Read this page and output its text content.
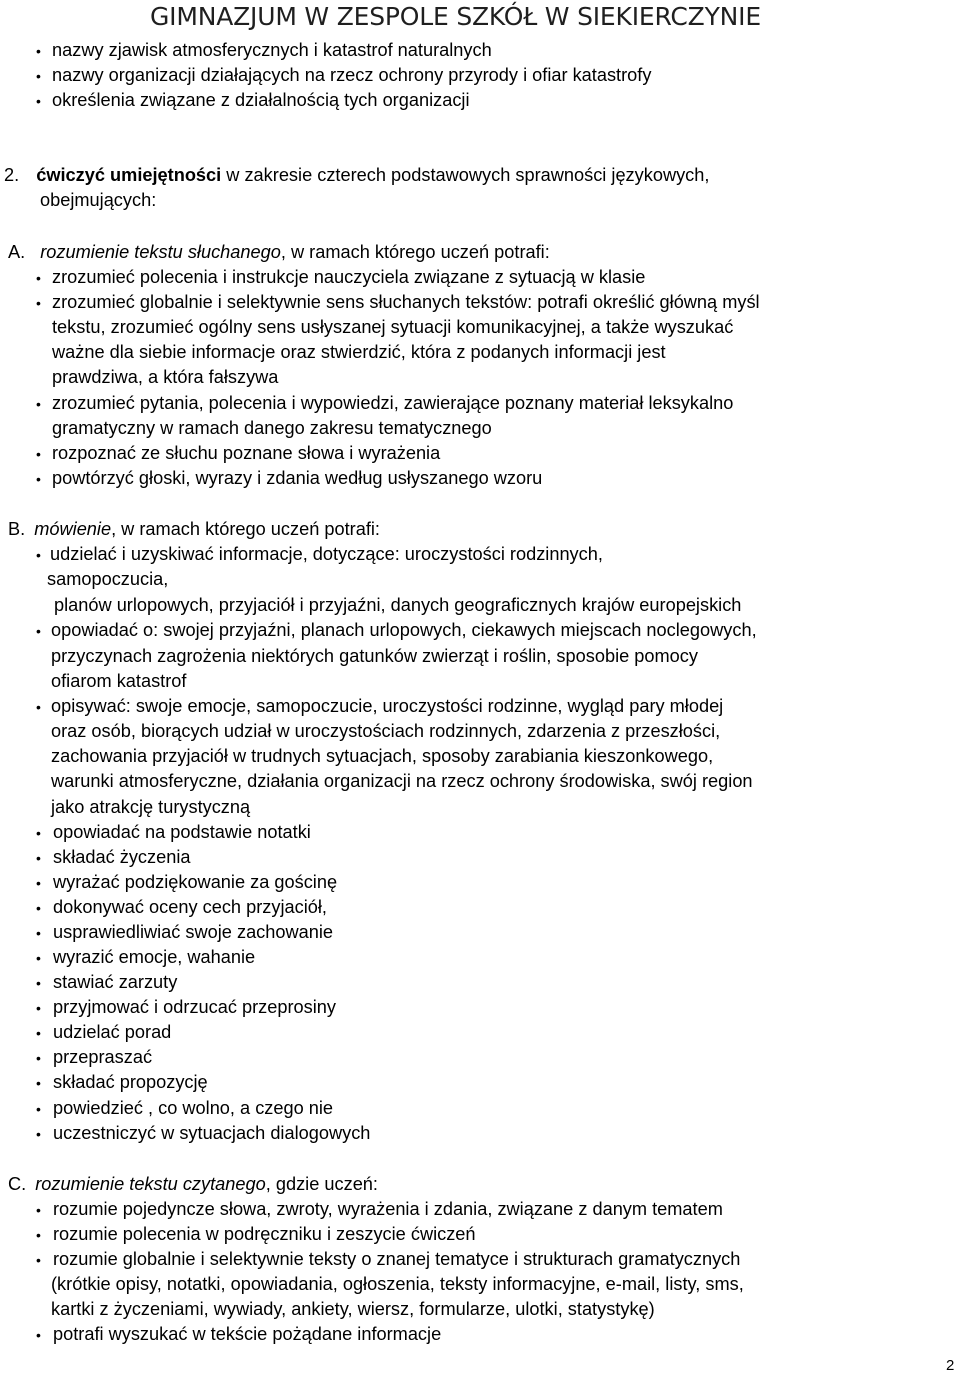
GIMNAZJUM W ZESPOLE SZKÓŁ W SIEKIERCZYNIE
• nazwy zjawisk atmosferycznych i katastrof naturalnych
• nazwy organizacji działających na rzecz ochrony przyrody i ofiar katastrofy
• określenia związane z działalnością tych organizacji
2. ćwiczyć umiejętności w zakresie czterech podstawowych sprawności językowych,
obejmujących:
A. rozumienie tekstu słuchanego, w ramach którego uczeń potrafi:
• zrozumieć polecenia i instrukcje nauczyciela związane z sytuacją w klasie
• zrozumieć globalnie i selektywnie sens słuchanych tekstów: potrafi określić główną myśl
tekstu, zrozumieć ogólny sens usłyszanej sytuacji komunikacyjnej, a także wyszukać
ważne dla siebie informacje oraz stwierdzić, która z podanych informacji jest
prawdziwa, a która fałszywa
• zrozumieć pytania, polecenia i wypowiedzi, zawierające poznany materiał leksykalno
gramatyczny w ramach danego zakresu tematycznego
• rozpoznać ze słuchu poznane słowa i wyrażenia
• powtórzyć głoski, wyrazy i zdania według usłyszanego wzoru
B. mówienie, w ramach którego uczeń potrafi:
• udzielać i uzyskiwać informacje, dotyczące: uroczystości rodzinnych,
samopoczucia,
planów urlopowych, przyjaciół i przyjaźni, danych geograficznych krajów europejskich
• opowiadać o: swojej przyjaźni, planach urlopowych, ciekawych miejscach noclegowych,
przyczynach zagrożenia niektórych gatunków zwierząt i roślin, sposobie pomocy
ofiarom katastrof
• opisywać: swoje emocje, samopoczucie, uroczystości rodzinne, wygląd pary młodej
oraz osób, biorących udział w uroczystościach rodzinnych, zdarzenia z przeszłości,
zachowania przyjaciół w trudnych sytuacjach, sposoby zarabiania kieszonkowego,
warunki atmosferyczne, działania organizacji na rzecz ochrony środowiska, swój region
jako atrakcję turystyczną
• opowiadać na podstawie notatki
• składać życzenia
• wyrażać podziękowanie za gościnę
• dokonywać oceny cech przyjaciół,
• usprawiedliwiać swoje zachowanie
• wyrazić emocje, wahanie
• stawiać zarzuty
• przyjmować i odrzucać przeprosiny
• udzielać porad
• przepraszać
• składać propozycję
• powiedzieć , co wolno, a czego nie
• uczestniczyć w sytuacjach dialogowych
C. rozumienie tekstu czytanego, gdzie uczeń:
• rozumie pojedyncze słowa, zwroty, wyrażenia i zdania, związane z danym tematem
• rozumie polecenia w podręczniku i zeszycie ćwiczeń
• rozumie globalnie i selektywnie teksty o znanej tematyce i strukturach gramatycznych
(krótkie opisy, notatki, opowiadania, ogłoszenia, teksty informacyjne, e-mail, listy, sms,
kartki z życzeniami, wywiady, ankiety, wiersz, formularze, ulotki, statystykę)
• potrafi wyszukać w tekście pożądane informacje
2
